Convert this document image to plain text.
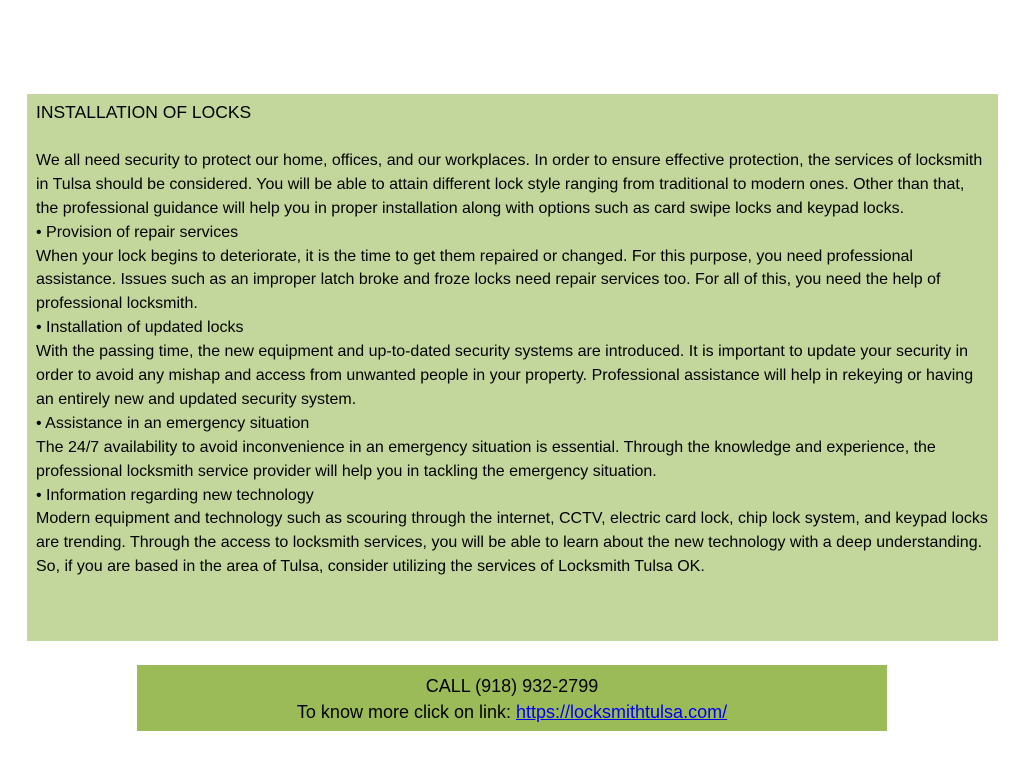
INSTALLATION OF LOCKS

We all need security to protect our home, offices, and our workplaces. In order to ensure effective protection, the services of locksmith in Tulsa should be considered. You will be able to attain different lock style ranging from traditional to modern ones. Other than that, the professional guidance will help you in proper installation along with options such as card swipe locks and keypad locks.

• Provision of repair services

When your lock begins to deteriorate, it is the time to get them repaired or changed. For this purpose, you need professional assistance. Issues such as an improper latch broke and froze locks need repair services too. For all of this, you need the help of professional locksmith.

• Installation of updated locks

With the passing time, the new equipment and up-to-dated security systems are introduced. It is important to update your security in order to avoid any mishap and access from unwanted people in your property. Professional assistance will help in rekeying or having an entirely new and updated security system.

• Assistance in an emergency situation

The 24/7 availability to avoid inconvenience in an emergency situation is essential. Through the knowledge and experience, the professional locksmith service provider will help you in tackling the emergency situation.

• Information regarding new technology

Modern equipment and technology such as scouring through the internet, CCTV, electric card lock, chip lock system, and keypad locks are trending. Through the access to locksmith services, you will be able to learn about the new technology with a deep understanding.

So, if you are based in the area of Tulsa, consider utilizing the services of Locksmith Tulsa OK.

CALL (918) 932-2799

To know more click on link: https://locksmithtulsa.com/
